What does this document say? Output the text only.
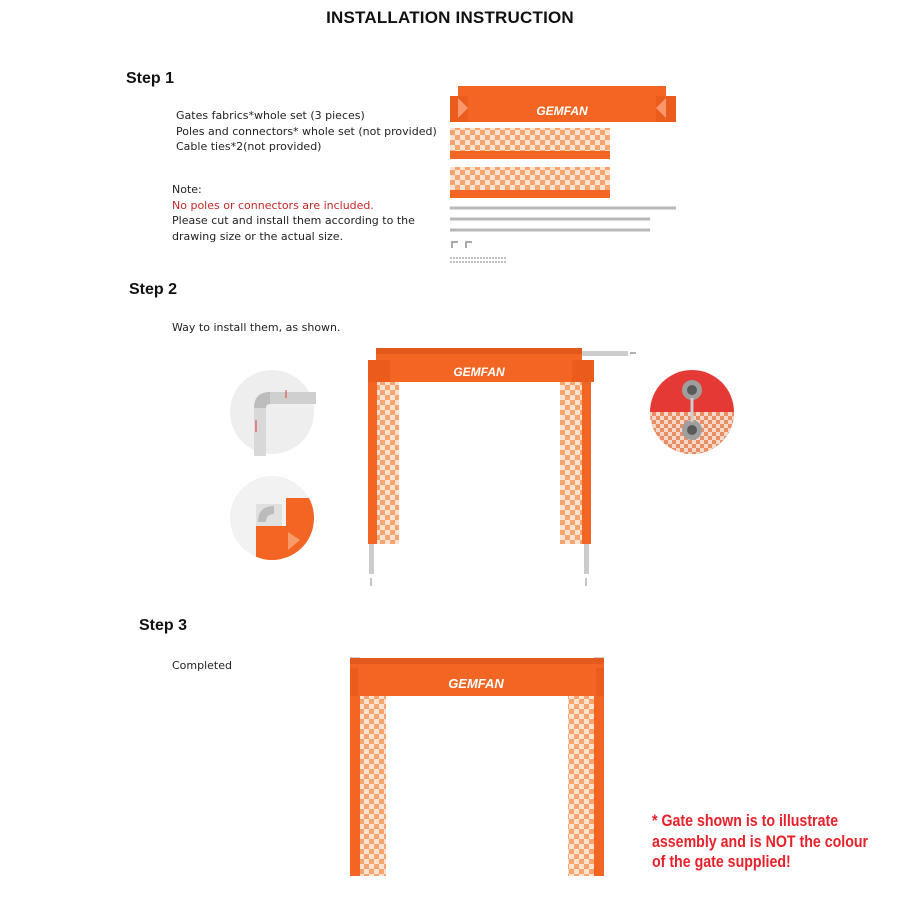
INSTALLATION INSTRUCTION
Step 1
Gates fabrics*whole set (3 pieces)
Poles and connectors* whole set (not provided)
Cable ties*2(not provided)
Note:
No poles or connectors are included.
Please cut and install them according to the
drawing size or the actual size.
GEMFAN
Step 2
Way to install them, as shown.
GEMFAN
Step 3
Completed
GEMFAN
* Gate shown is to illustrate
assembly and is NOT the colour
of the gate supplied!
